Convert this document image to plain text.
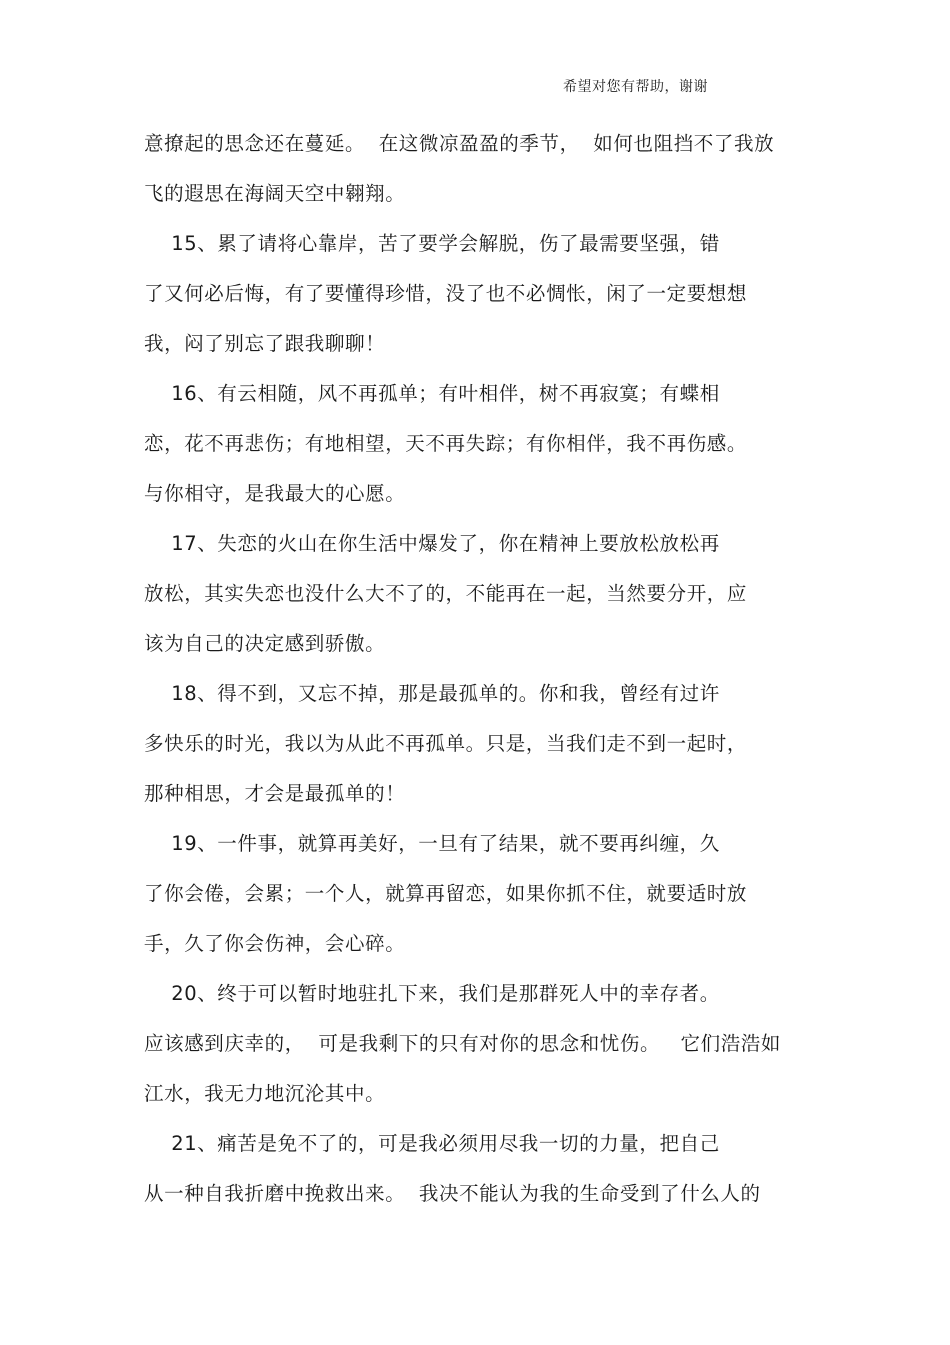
希望对您有帮助，谢谢
意撩起的思念还在蔓延。  在这微凉盈盈的季节，  如何也阻挡不了我放
飞的遐思在海阔天空中翱翔。
15、累了请将心靠岸，苦了要学会解脱，伤了最需要坚强，错
了又何必后悔，有了要懂得珍惜，没了也不必惆怅，闲了一定要想想
我，闷了别忘了跟我聊聊！
16、有云相随，风不再孤单；有叶相伴，树不再寂寞；有蝶相
恋，花不再悲伤；有地相望，天不再失踪；有你相伴，我不再伤感。
与你相守，是我最大的心愿。
17、失恋的火山在你生活中爆发了，你在精神上要放松放松再
放松，其实失恋也没什么大不了的，不能再在一起，当然要分开，应
该为自己的决定感到骄傲。
18、得不到，又忘不掉，那是最孤单的。你和我，曾经有过许
多快乐的时光，我以为从此不再孤单。只是，当我们走不到一起时，
那种相思，才会是最孤单的！
19、一件事，就算再美好，一旦有了结果，就不要再纠缠，久
了你会倦，会累；一个人，就算再留恋，如果你抓不住，就要适时放
手，久了你会伤神，会心碎。
20、终于可以暂时地驻扎下来，我们是那群死人中的幸存者。
应该感到庆幸的，  可是我剩下的只有对你的思念和忧伤。   它们浩浩如
江水，我无力地沉沦其中。
21、痛苦是免不了的，可是我必须用尽我一切的力量，把自己
从一种自我折磨中挽救出来。  我决不能认为我的生命受到了什么人的
